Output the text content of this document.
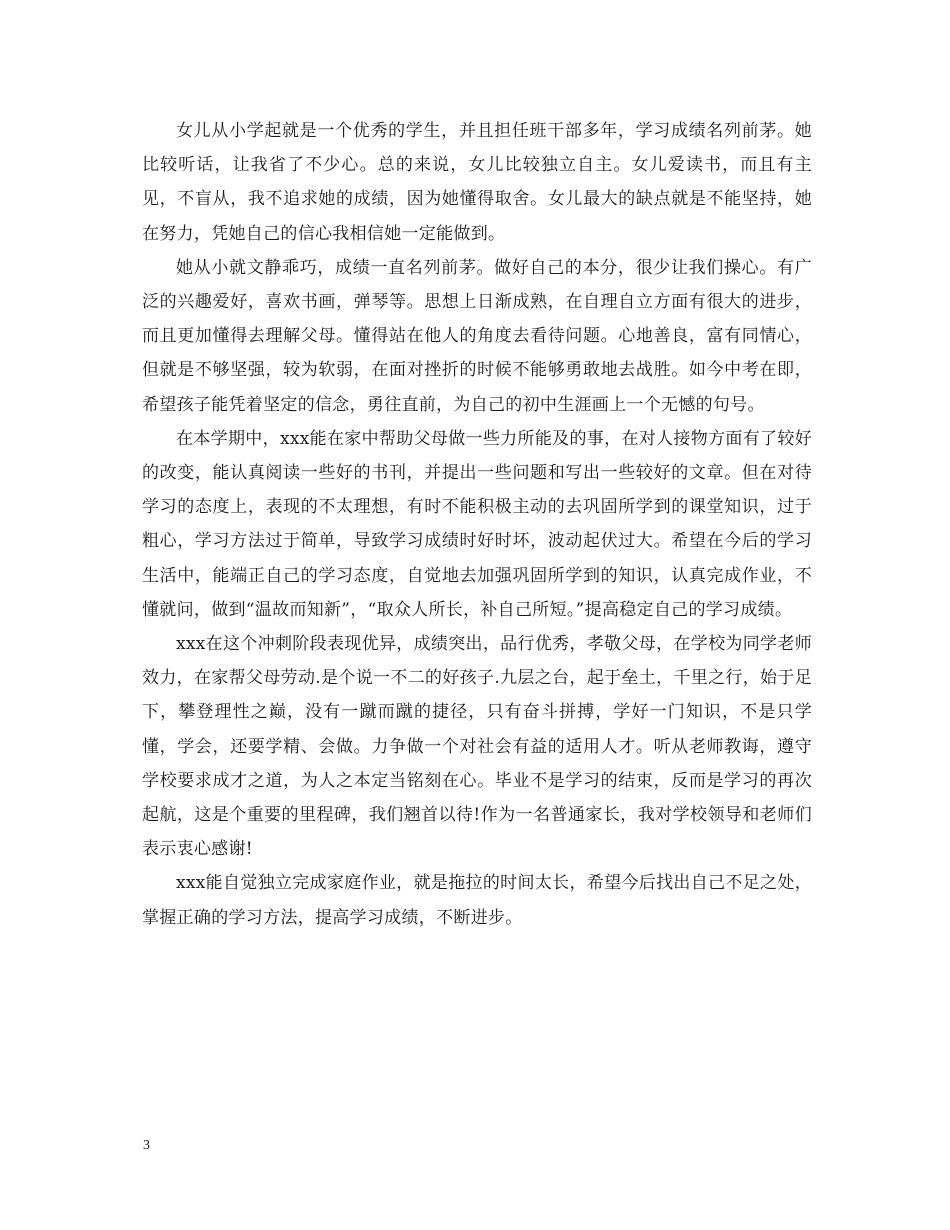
女儿从小学起就是一个优秀的学生，并且担任班干部多年，学习成绩名列前茅。她比较听话，让我省了不少心。总的来说，女儿比较独立自主。女儿爱读书，而且有主见，不盲从，我不追求她的成绩，因为她懂得取舍。女儿最大的缺点就是不能坚持，她在努力，凭她自己的信心我相信她一定能做到。

她从小就文静乖巧，成绩一直名列前茅。做好自己的本分，很少让我们操心。有广泛的兴趣爱好，喜欢书画，弹琴等。思想上日渐成熟，在自理自立方面有很大的进步，而且更加懂得去理解父母。懂得站在他人的角度去看待问题。心地善良，富有同情心，但就是不够坚强，较为软弱，在面对挫折的时候不能够勇敢地去战胜。如今中考在即，希望孩子能凭着坚定的信念，勇往直前，为自己的初中生涯画上一个无憾的句号。

在本学期中，xxx能在家中帮助父母做一些力所能及的事，在对人接物方面有了较好的改变，能认真阅读一些好的书刊，并提出一些问题和写出一些较好的文章。但在对待学习的态度上，表现的不太理想，有时不能积极主动的去巩固所学到的课堂知识，过于粗心，学习方法过于简单，导致学习成绩时好时坏，波动起伏过大。希望在今后的学习生活中，能端正自己的学习态度，自觉地去加强巩固所学到的知识，认真完成作业，不懂就问，做到“温故而知新”，“取众人所长，补自己所短。”提高稳定自己的学习成绩。

xxx在这个冲刺阶段表现优异，成绩突出，品行优秀，孝敬父母，在学校为同学老师效力，在家帮父母劳动.是个说一不二的好孩子.九层之台，起于垒土，千里之行，始于足下，攀登理性之巅，没有一蹴而蹴的捷径，只有奋斗拼搏，学好一门知识，不是只学懂，学会，还要学精、会做。力争做一个对社会有益的适用人才。听从老师教诲，遵守学校要求成才之道，为人之本定当铭刻在心。毕业不是学习的结束，反而是学习的再次起航，这是个重要的里程碑，我们翘首以待!作为一名普通家长，我对学校领导和老师们表示衷心感谢!

xxx能自觉独立完成家庭作业，就是拖拉的时间太长，希望今后找出自己不足之处，掌握正确的学习方法，提高学习成绩，不断进步。

3
